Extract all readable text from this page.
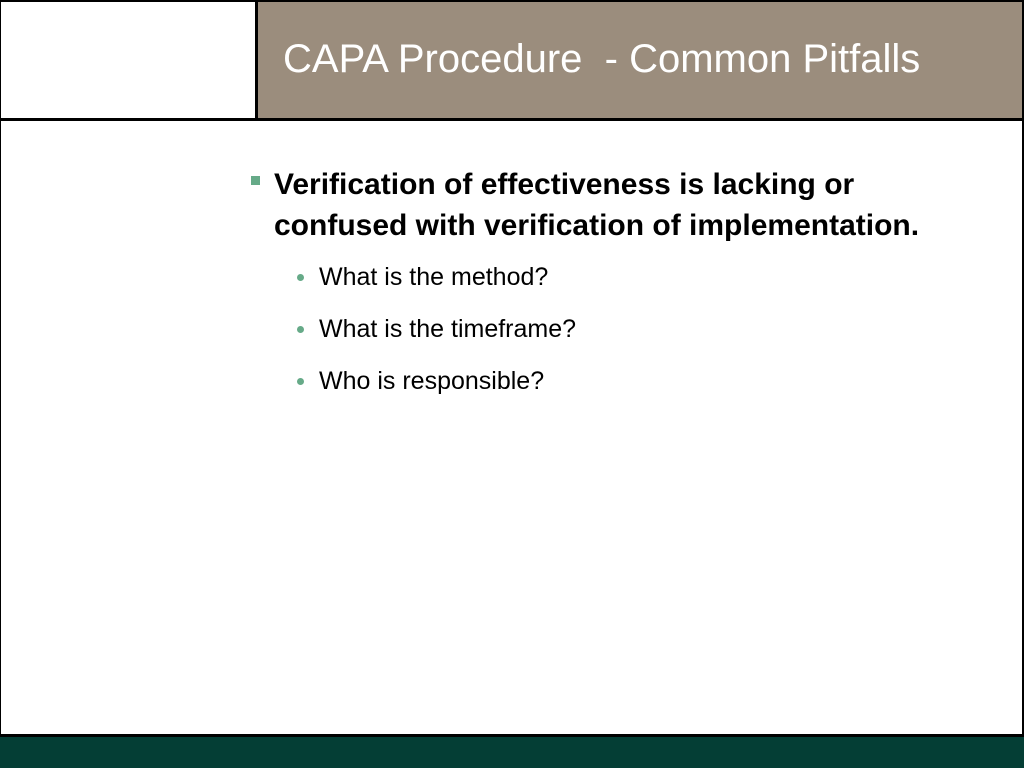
CAPA Procedure  - Common Pitfalls
Verification of effectiveness is lacking or confused with verification of implementation.
What is the method?
What is the timeframe?
Who is responsible?
